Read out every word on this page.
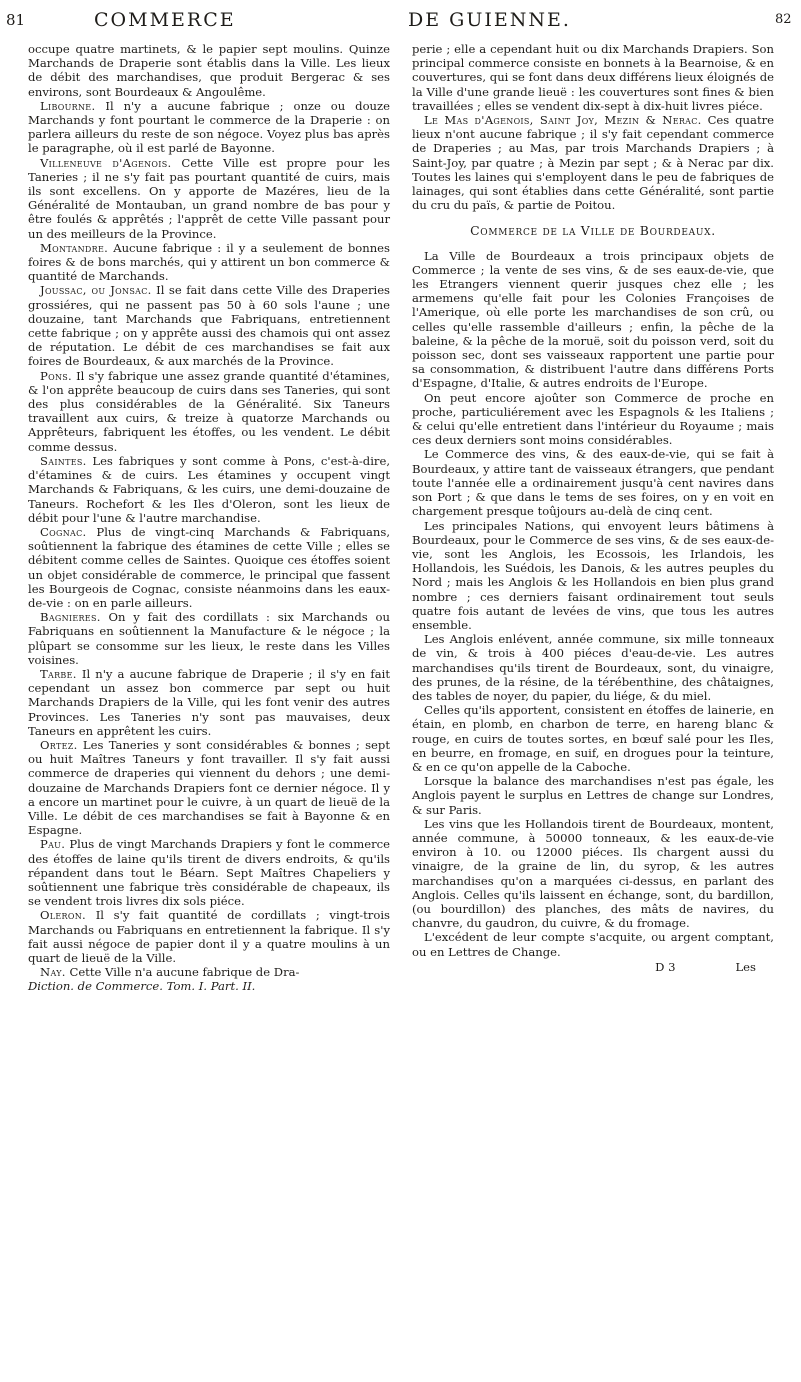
81	COMMERCE	DE GUIENNE.	82

occupe quatre martinets, & le papier sept moulins. Quinze Marchands de Draperie sont établis dans la Ville. Les lieux de débit des marchandises, que produit Bergerac & ses environs, sont Bourdeaux & Angoulême.

Libourne. Il n'y a aucune fabrique ; onze ou douze Marchands y font pourtant le commerce de la Draperie : on parlera ailleurs du reste de son négoce. Voyez plus bas après le paragraphe, où il est parlé de Bayonne.

Villeneuve d'Agenois. Cette Ville est propre pour les Taneries ; il ne s'y fait pas pourtant quantité de cuirs, mais ils sont excellens. On y apporte de Mazéres, lieu de la Généralité de Montauban, un grand nombre de bas pour y être foulés & apprêtés ; l'apprêt de cette Ville passant pour un des meilleurs de la Province.

Montandre. Aucune fabrique : il y a seulement de bonnes foires & de bons marchés, qui y attirent un bon commerce & quantité de Marchands.

Joussac, ou Jonsac. Il se fait dans cette Ville des Draperies grossiéres, qui ne passent pas 50 à 60 sols l'aune ; une douzaine, tant Marchands que Fabriquans, entretiennent cette fabrique ; on y apprête aussi des chamois qui ont assez de réputation. Le débit de ces marchandises se fait aux foires de Bourdeaux, & aux marchés de la Province.

Pons. Il s'y fabrique une assez grande quantité d'étamines, & l'on apprête beaucoup de cuirs dans ses Taneries, qui sont des plus considérables de la Généralité. Six Taneurs travaillent aux cuirs, & treize à quatorze Marchands ou Apprêteurs, fabriquent les étoffes, ou les vendent. Le débit comme dessus.

Saintes. Les fabriques y sont comme à Pons, c'est-à-dire, d'étamines & de cuirs. Les étamines y occupent vingt Marchands & Fabriquans, & les cuirs, une demi-douzaine de Taneurs. Rochefort & les Iles d'Oleron, sont les lieux de débit pour l'une & l'autre marchandise.

Cognac. Plus de vingt-cinq Marchands & Fabriquans, soûtiennent la fabrique des étamines de cette Ville ; elles se débitent comme celles de Saintes. Quoique ces étoffes soient un objet considérable de commerce, le principal que fassent les Bourgeois de Cognac, consiste néanmoins dans les eaux-de-vie : on en parle ailleurs.

Bagnieres. On y fait des cordillats : six Marchands ou Fabriquans en soûtiennent la Manufacture & le négoce ; la plûpart se consomme sur les lieux, le reste dans les Villes voisines.

Tarbe. Il n'y a aucune fabrique de Draperie ; il s'y en fait cependant un assez bon commerce par sept ou huit Marchands Drapiers de la Ville, qui les font venir des autres Provinces. Les Taneries n'y sont pas mauvaises, deux Taneurs en apprêtent les cuirs.

Ortez. Les Taneries y sont considérables & bonnes ; sept ou huit Maîtres Taneurs y font travailler. Il s'y fait aussi commerce de draperies qui viennent du dehors ; une demi-douzaine de Marchands Drapiers font ce dernier négoce. Il y a encore un martinet pour le cuivre, à un quart de lieuë de la Ville. Le débit de ces marchandises se fait à Bayonne & en Espagne.

Pau. Plus de vingt Marchands Drapiers y font le commerce des étoffes de laine qu'ils tirent de divers endroits, & qu'ils répandent dans tout le Béarn. Sept Maîtres Chapeliers y soûtiennent une fabrique très considérable de chapeaux, ils se vendent trois livres dix sols piéce.

Oleron. Il s'y fait quantité de cordillats ; vingt-trois Marchands ou Fabriquans en entretiennent la fabrique. Il s'y fait aussi négoce de papier dont il y a quatre moulins à un quart de lieuë de la Ville.

Nay. Cette Ville n'a aucune fabrique de Dra-

Diction. de Commerce. Tom. I. Part. II.

perie ; elle a cependant huit ou dix Marchands Drapiers. Son principal commerce consiste en bonnets à la Bearnoise, & en couvertures, qui se font dans deux différens lieux éloignés de la Ville d'une grande lieuë : les couvertures sont fines & bien travaillées ; elles se vendent dix-sept à dix-huit livres piéce.

Le Mas d'Agenois, Saint Joy, Mezin & Nerac. Ces quatre lieux n'ont aucune fabrique ; il s'y fait cependant commerce de Draperies ; au Mas, par trois Marchands Drapiers ; à Saint-Joy, par quatre ; à Mezin par sept ; & à Nerac par dix. Toutes les laines qui s'employent dans le peu de fabriques de lainages, qui sont établies dans cette Généralité, sont partie du cru du païs, & partie de Poitou.

Commerce de la Ville de Bourdeaux.

La Ville de Bourdeaux a trois principaux objets de Commerce ; la vente de ses vins, & de ses eaux-de-vie, que les Etrangers viennent querir jusques chez elle ; les armemens qu'elle fait pour les Colonies Françoises de l'Amerique, où elle porte les marchandises de son crû, ou celles qu'elle rassemble d'ailleurs ; enfin, la pêche de la baleine, & la pêche de la moruë, soit du poisson verd, soit du poisson sec, dont ses vaisseaux rapportent une partie pour sa consommation, & distribuent l'autre dans différens Ports d'Espagne, d'Italie, & autres endroits de l'Europe.

On peut encore ajoûter son Commerce de proche en proche, particuliérement avec les Espagnols & les Italiens ; & celui qu'elle entretient dans l'intérieur du Royaume ; mais ces deux derniers sont moins considérables.

Le Commerce des vins, & des eaux-de-vie, qui se fait à Bourdeaux, y attire tant de vaisseaux étrangers, que pendant toute l'année elle a ordinairement jusqu'à cent navires dans son Port ; & que dans le tems de ses foires, on y en voit en chargement presque toûjours au-delà de cinq cent.

Les principales Nations, qui envoyent leurs bâtimens à Bourdeaux, pour le Commerce de ses vins, & de ses eaux-de-vie, sont les Anglois, les Ecossois, les Irlandois, les Hollandois, les Suédois, les Danois, & les autres peuples du Nord ; mais les Anglois & les Hollandois en bien plus grand nombre ; ces derniers faisant ordinairement tout seuls quatre fois autant de levées de vins, que tous les autres ensemble.

Les Anglois enlévent, année commune, six mille tonneaux de vin, & trois à 400 piéces d'eau-de-vie. Les autres marchandises qu'ils tirent de Bourdeaux, sont, du vinaigre, des prunes, de la résine, de la térébenthine, des châtaignes, des tables de noyer, du papier, du liége, & du miel.

Celles qu'ils apportent, consistent en étoffes de lainerie, en étain, en plomb, en charbon de terre, en hareng blanc & rouge, en cuirs de toutes sortes, en bœuf salé pour les Iles, en beurre, en fromage, en suif, en drogues pour la teinture, & en ce qu'on appelle de la Caboche.

Lorsque la balance des marchandises n'est pas égale, les Anglois payent le surplus en Lettres de change sur Londres, & sur Paris.

Les vins que les Hollandois tirent de Bourdeaux, montent, année commune, à 50000 tonneaux, & les eaux-de-vie environ à 10. ou 12000 piéces. Ils chargent aussi du vinaigre, de la graine de lin, du syrop, & les autres marchandises qu'on a marquées ci-dessus, en parlant des Anglois. Celles qu'ils laissent en échange, sont, du bardillon, (ou bourdillon) des planches, des mâts de navires, du chanvre, du gaudron, du cuivre, & du fromage.

L'excédent de leur compte s'acquite, ou argent comptant, ou en Lettres de Change.

D 3	Les
